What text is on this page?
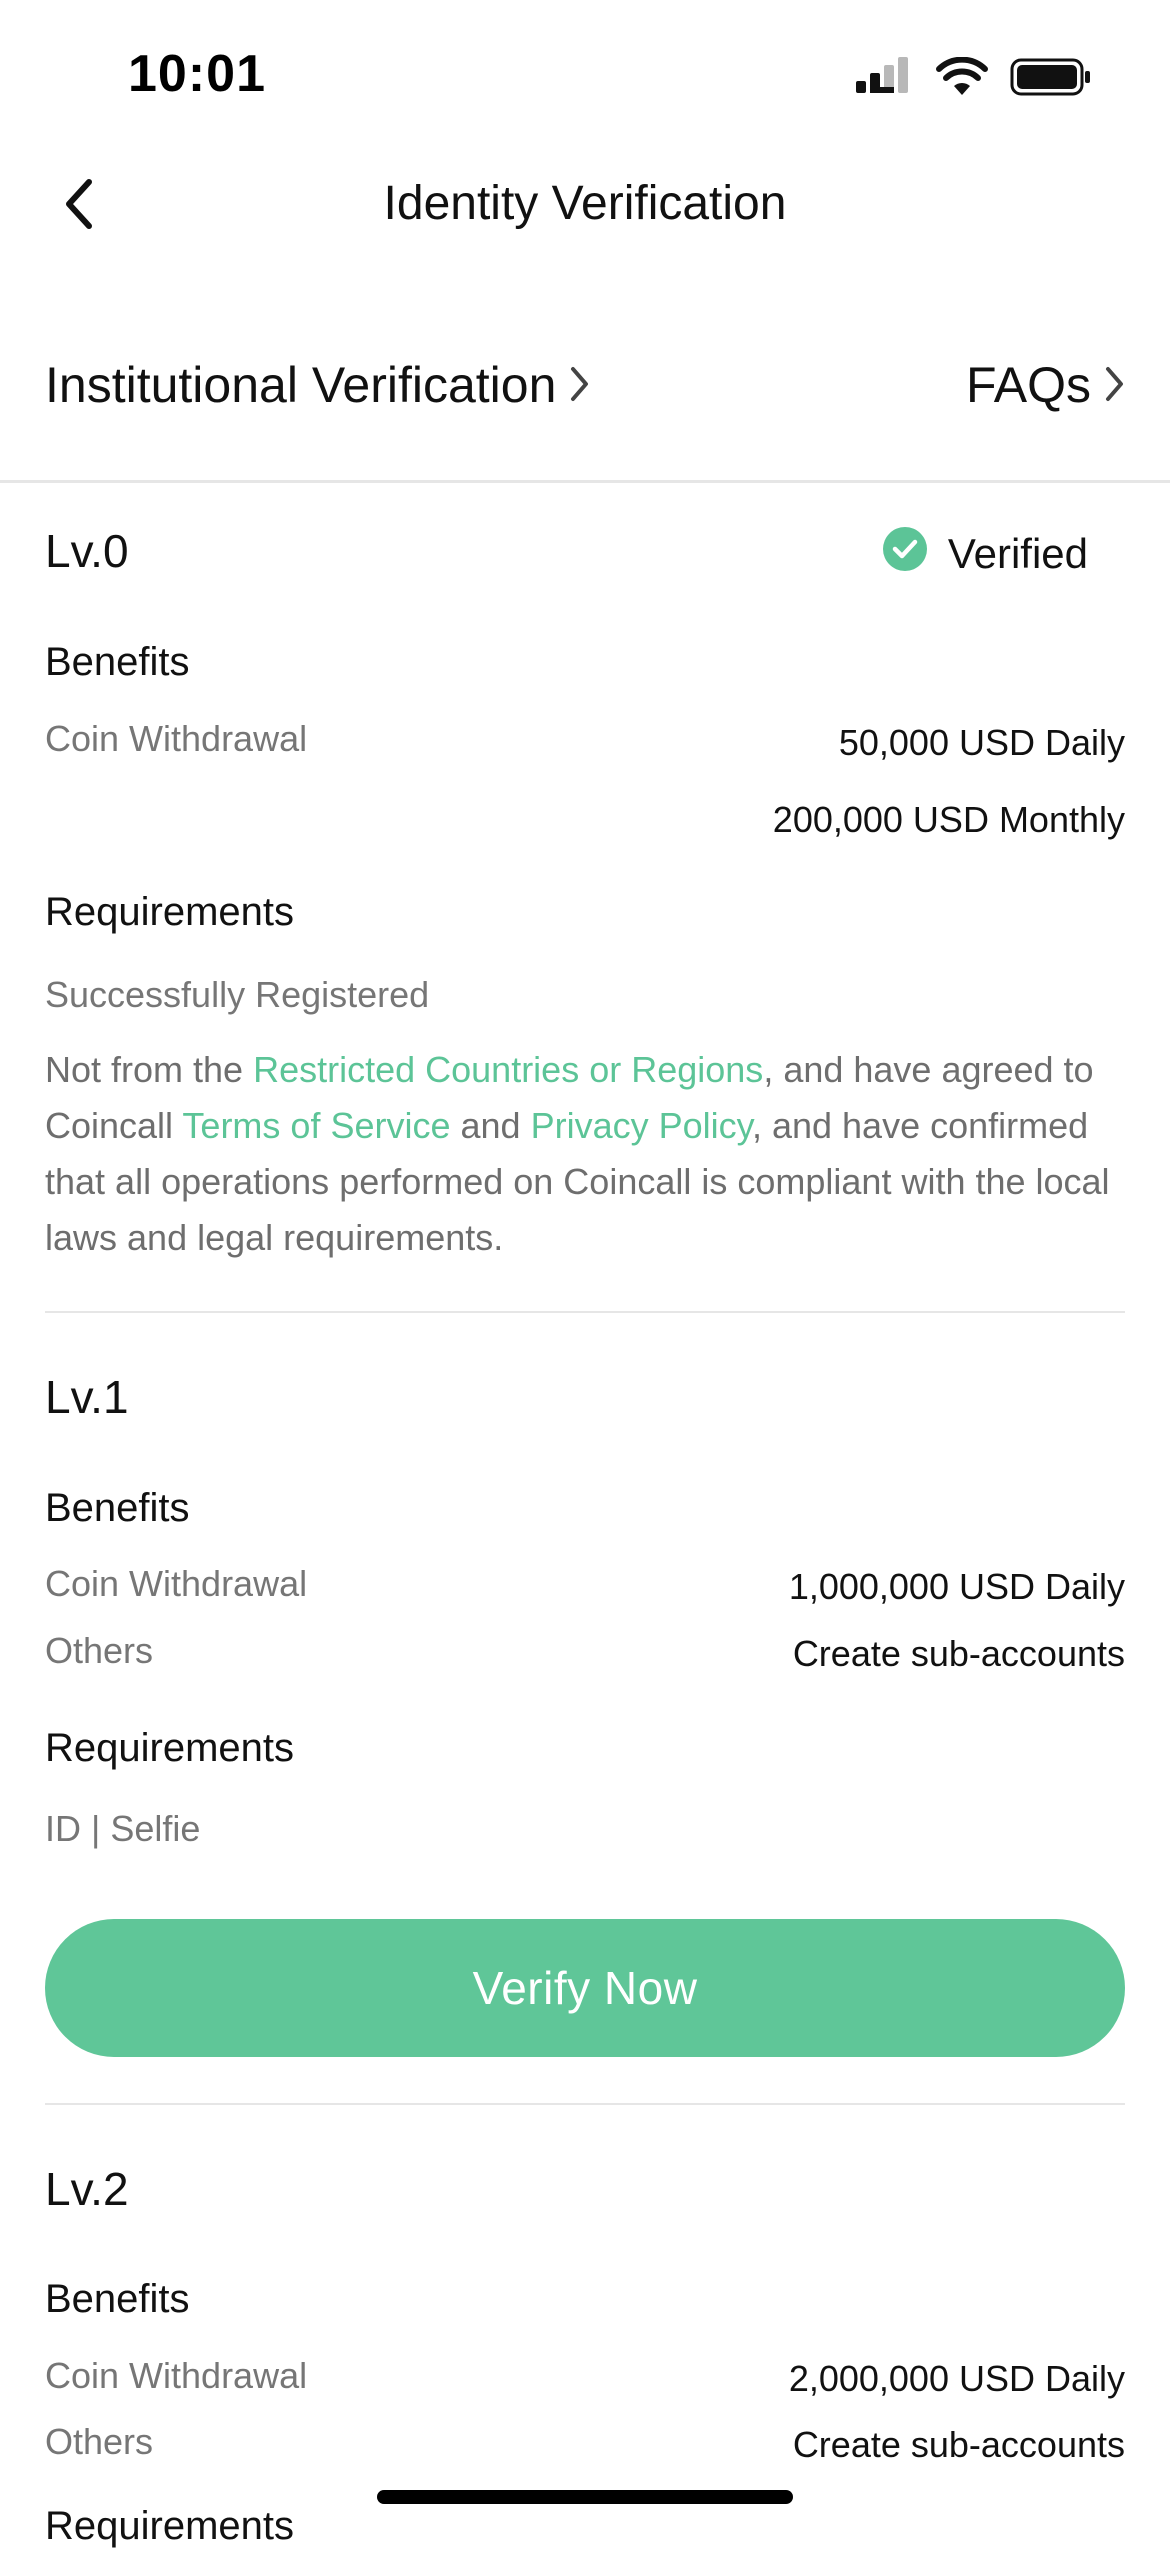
10:01
Identity Verification
Institutional Verification	FAQs
Lv.0	Verified
Benefits
Coin Withdrawal	50,000 USD Daily
200,000 USD Monthly
Requirements
Successfully Registered
Not from the Restricted Countries or Regions, and have agreed to Coincall Terms of Service and Privacy Policy, and have confirmed that all operations performed on Coincall is compliant with the local laws and legal requirements.
Lv.1
Benefits
Coin Withdrawal	1,000,000 USD Daily
Others	Create sub-accounts
Requirements
ID | Selfie
Verify Now
Lv.2
Benefits
Coin Withdrawal	2,000,000 USD Daily
Others	Create sub-accounts
Requirements
